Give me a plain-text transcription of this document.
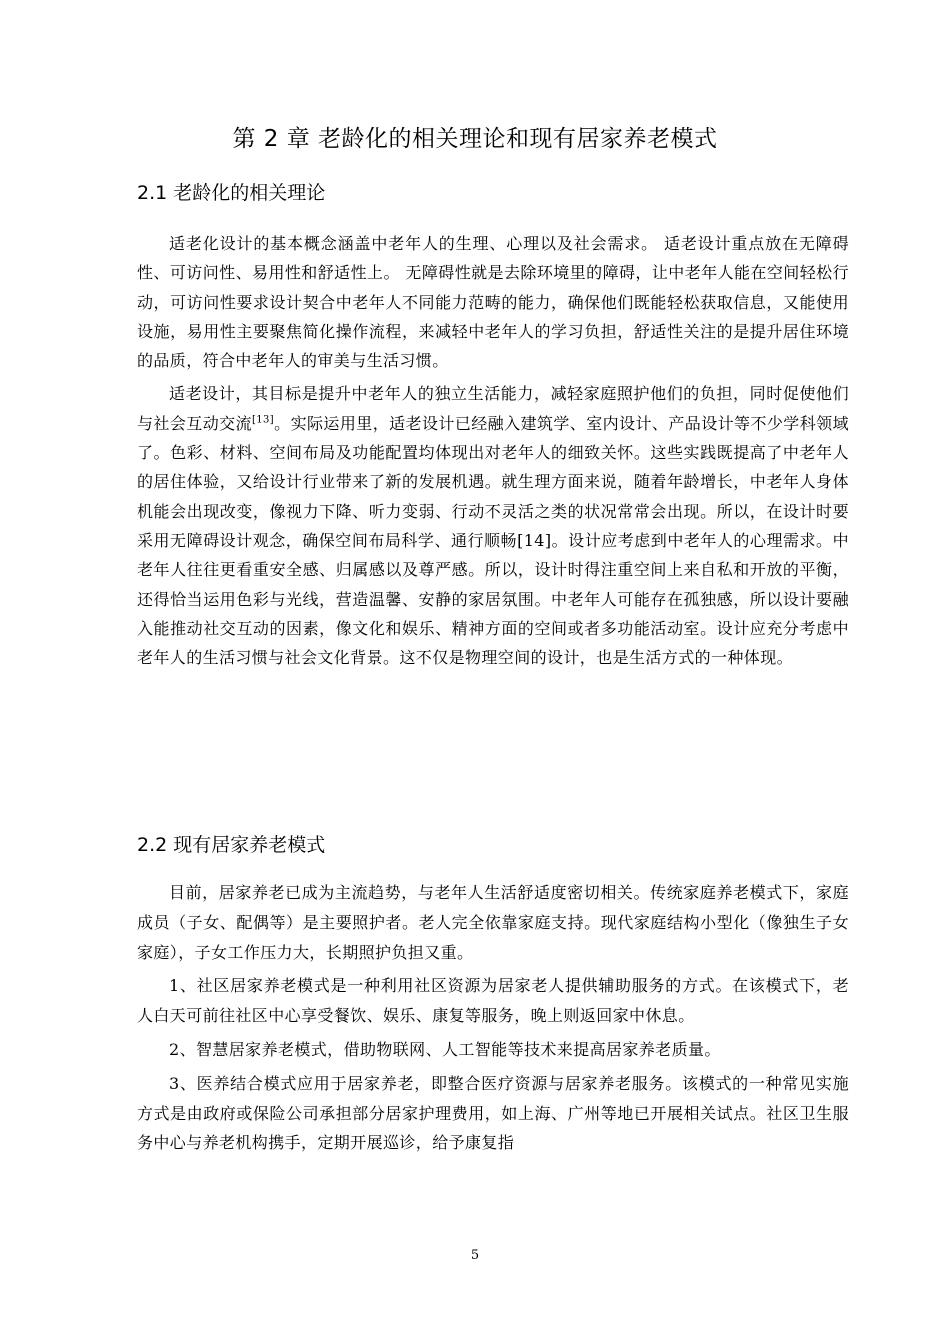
第 2 章 老龄化的相关理论和现有居家养老模式
2.1 老龄化的相关理论

适老化设计的基本概念涵盖中老年人的生理、心理以及社会需求。 适老设计重点放在无障碍性、可访问性、易用性和舒适性上。 无障碍性就是去除环境里的障碍，让中老年人能在空间轻松行动，可访问性要求设计契合中老年人不同能力范畴的能力，确保他们既能轻松获取信息，又能使用设施，易用性主要聚焦简化操作流程，来减轻中老年人的学习负担，舒适性关注的是提升居住环境的品质，符合中老年人的审美与生活习惯。

适老设计，其目标是提升中老年人的独立生活能力，减轻家庭照护他们的负担，同时促使他们与社会互动交流[13]。实际运用里，适老设计已经融入建筑学、室内设计、产品设计等不少学科领域了。色彩、材料、空间布局及功能配置均体现出对老年人的细致关怀。这些实践既提高了中老年人的居住体验，又给设计行业带来了新的发展机遇。就生理方面来说，随着年龄增长，中老年人身体机能会出现改变，像视力下降、听力变弱、行动不灵活之类的状况常常会出现。所以，在设计时要采用无障碍设计观念，确保空间布局科学、通行顺畅[14]。设计应考虑到中老年人的心理需求。中老年人往往更看重安全感、归属感以及尊严感。所以，设计时得注重空间上来自私和开放的平衡，还得恰当运用色彩与光线，营造温馨、安静的家居氛围。中老年人可能存在孤独感，所以设计要融入能推动社交互动的因素，像文化和娱乐、精神方面的空间或者多功能活动室。设计应充分考虑中老年人的生活习惯与社会文化背景。这不仅是物理空间的设计，也是生活方式的一种体现。

2.2 现有居家养老模式

目前，居家养老已成为主流趋势，与老年人生活舒适度密切相关。传统家庭养老模式下，家庭成员（子女、配偶等）是主要照护者。老人完全依靠家庭支持。现代家庭结构小型化（像独生子女家庭），子女工作压力大，长期照护负担又重。

1、社区居家养老模式是一种利用社区资源为居家老人提供辅助服务的方式。在该模式下，老人白天可前往社区中心享受餐饮、娱乐、康复等服务，晚上则返回家中休息。

2、智慧居家养老模式，借助物联网、人工智能等技术来提高居家养老质量。

3、医养结合模式应用于居家养老，即整合医疗资源与居家养老服务。该模式的一种常见实施方式是由政府或保险公司承担部分居家护理费用，如上海、广州等地已开展相关试点。社区卫生服务中心与养老机构携手，定期开展巡诊，给予康复指

5
